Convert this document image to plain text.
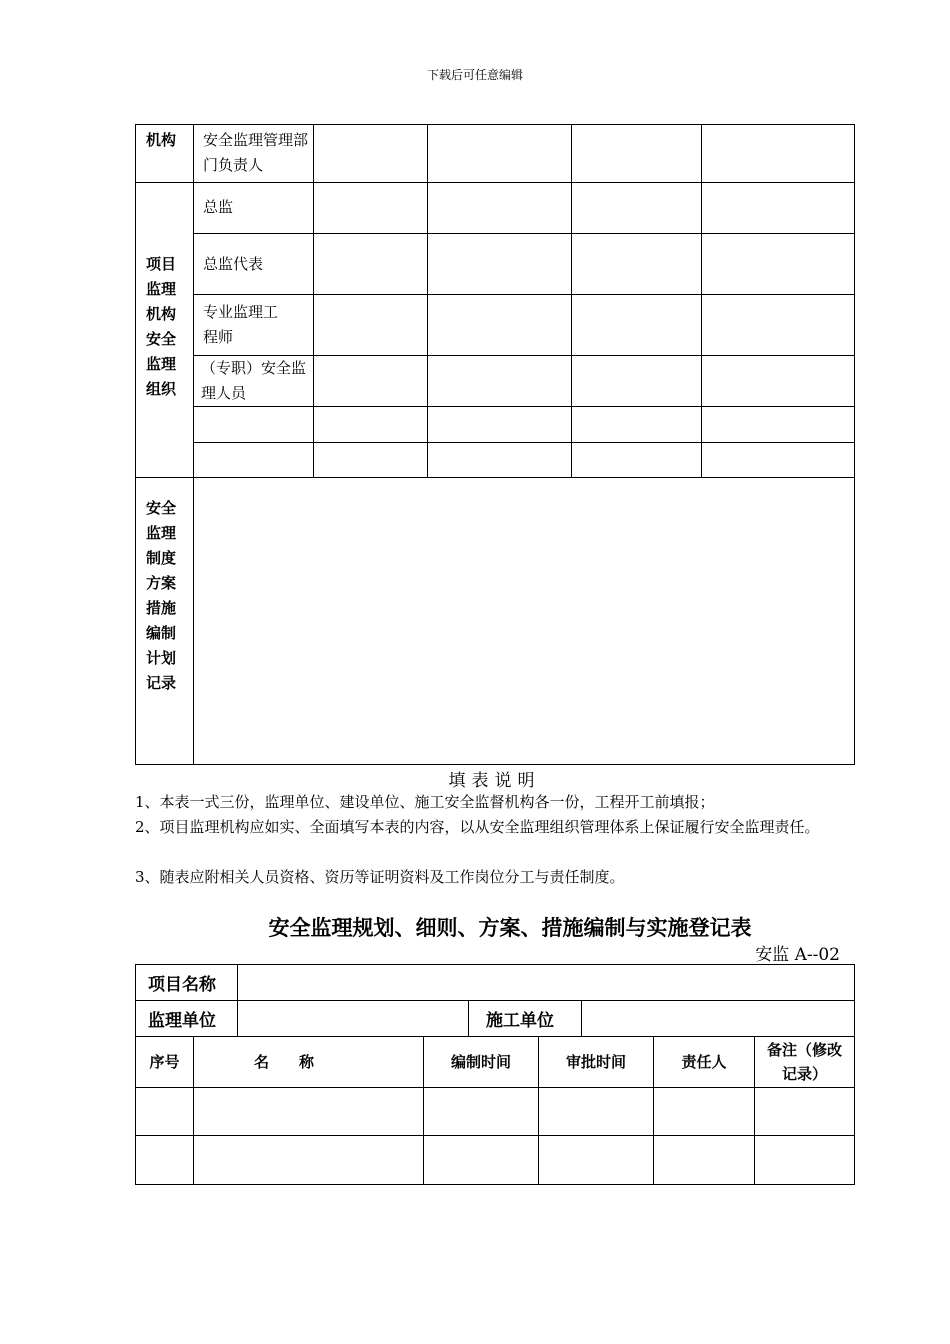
下载后可任意编辑
机构	安全监理管理部门负责人				

项目监理机构安全监理组织	总监				
	总监代表				

	专业监理工程师				

	（专职）安全监理人员				

安全监理制度方案措施编制计划记录					

填表说明
1、本表一式三份，监理单位、建设单位、施工安全监督机构各一份，工程开工前填报；
2、项目监理机构应如实、全面填写本表的内容，以从安全监理组织管理体系上保证履行安全监理责任。
3、随表应附相关人员资格、资历等证明资料及工作岗位分工与责任制度。
安全监理规划、细则、方案、措施编制与实施登记表
安监 A--02
项目名称			
监理单位		施工单位	
序号	名　　称	编制时间	审批时间	责任人	备注（修改记录）
